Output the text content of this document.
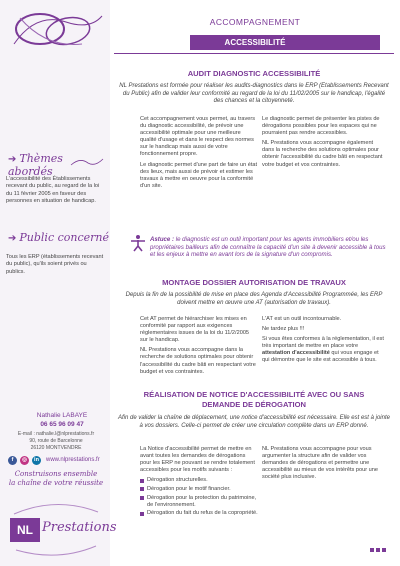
➔ Thèmes abordés
L'accessibilité des Établissements recevant du public, au regard de la loi du 11 février 2005 en faveur des personnes en situation de handicap.
➔ Public concerné
Tous les ERP (établissements recevant du public), qu'ils soient privés ou publics.
Nathalie LABAYE
06 65 96 09 47
E-mail : nathalie.l@nlprestations.fr
90, route de Barcelonne
26120 MONTVENDRE
f	◎	in	www.nlprestations.fr
Construisons ensemble
la chaîne de votre réussite
NL Prestations
ACCOMPAGNEMENT
ACCESSIBILITÉ
AUDIT DIAGNOSTIC ACCESSIBILITÉ
NL Prestations est formée pour réaliser les audits-diagnostics dans le ERP (Etablissements Recevant du Public) afin de valider leur conformité au regard de la loi du 11/02/2005 sur le handicap, l'égalité des chances et la citoyenneté.

Cet accompagnement vous permet, au travers du diagnostic accessibilité, de prévoir une accessibilité optimale pour une meilleure qualité d'usage et dans le respect des normes sur le handicap mais aussi de votre fonctionnement propre.

Le diagnostic permet d'une part de faire un état des lieux, mais aussi de prévoir et estimer les travaux à mettre en oeuvre pour la conformité d'un site.

Le diagnostic permet de présenter les pistes de dérogations possibles pour les espaces qui ne pourraient pas rendre accessibles.

NL Prestations vous accompagne également dans la recherche des solutions optimales pour obtenir l'accessibilité du cadre bâti en respectant votre budget et vos contraintes.

Astuce : le diagnostic est un outil important pour les agents immobiliers et/ou les propriétaires bailleurs afin de connaître la capacité d'un site à devenir accessible à tous et les enjeux à mettre en avant lors de la signature d'un compromis.
MONTAGE DOSSIER AUTORISATION DE TRAVAUX
Depuis la fin de la possibilité de mise en place des Agenda d'Accessibilité Programmée, les ERP doivent mettre en œuvre une AT (autorisation de travaux).

Cet AT permet de hiérarchiser les mises en conformité par rapport aux exigences réglementaires issues de la loi du 11/2/2005 sur le handicap.

NL Prestations vous accompagne dans la recherche de solutions optimales pour obtenir l'accessibilité du cadre bâti en respectant votre budget et vos contraintes.

L'AT est un outil incontournable.

Ne tardez plus !!!

Si vous êtes conformes à la réglementation, il est très important de mettre en place votre attestation d'accessibilité qui vous engage et qui démontre que le site est accessible à tous.

RÉALISATION DE NOTICE D'ACCESSIBILITÉ AVEC OU SANS
DEMANDE DE DÉROGATION
Afin de valider la chaîne de déplacement, une notice d'accessibilité est nécessaire. Elle est est à jointe à vos dossiers. Celle-ci permet de créer une circulation complète dans un ERP donné.

La Notice d'accessibilité permet de mettre en avant toutes les demandes de dérogations pour les ERP ne pouvant se rendre totalement accessibles pour les motifs suivants :

Dérogation structurelles.
Dérogation pour le motif financier.
Dérogation pour la protection du patrimoine, de l'environnement.
Dérogation du fait du refus de la copropriété.

NL Prestations vous accompagne pour vous argumenter la structure afin de valider vos demandes de dérogations et permettre une accessibilité au mieux de vos intérêts pour une société plus inclusive.
